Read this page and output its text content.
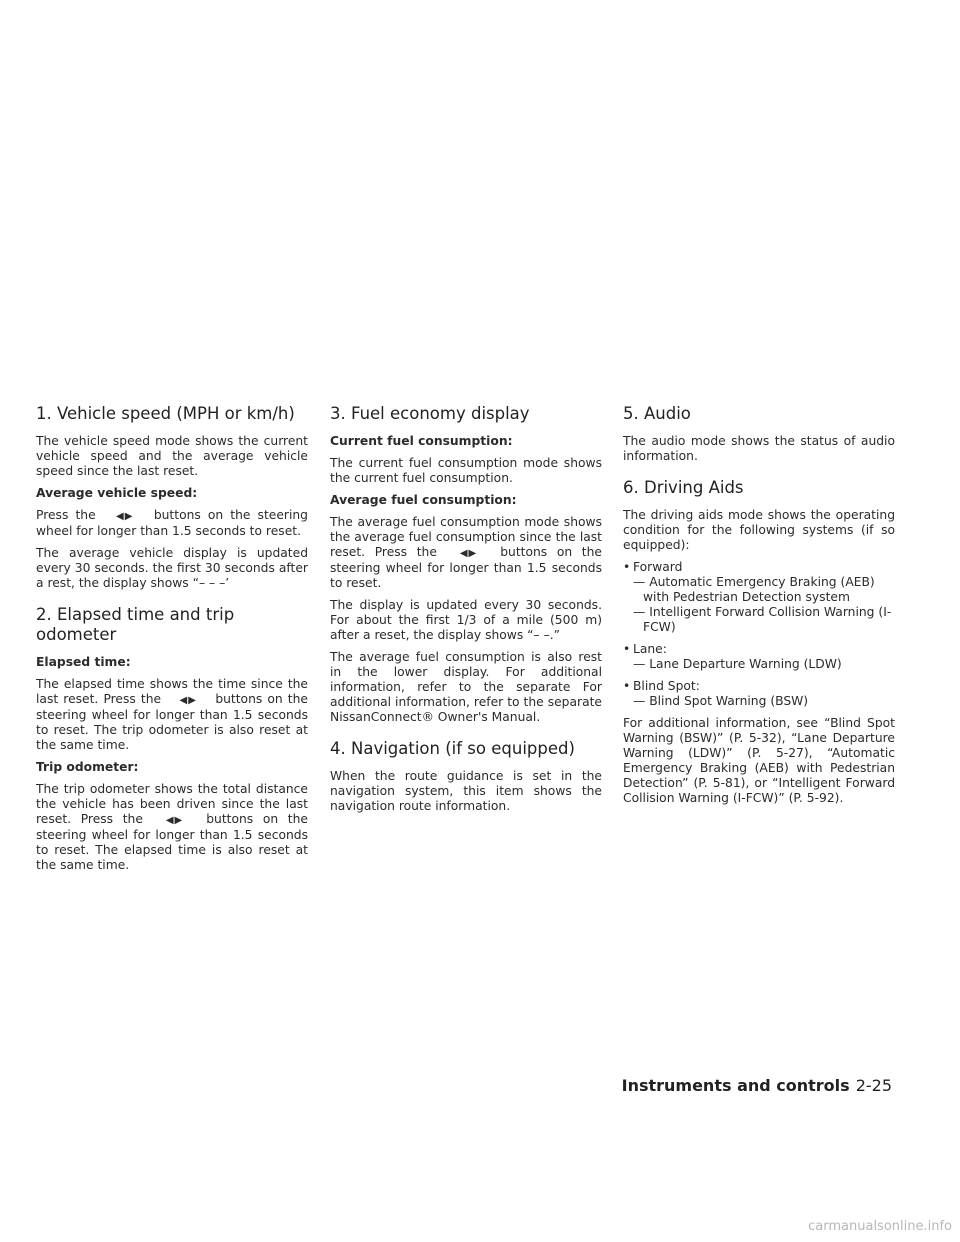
1. Vehicle speed (MPH or km/h)

The vehicle speed mode shows the current vehicle speed and the average vehicle speed since the last reset.

Average vehicle speed:

Press the ◀▶ buttons on the steering wheel for longer than 1.5 seconds to reset.

The average vehicle display is updated every 30 seconds. the first 30 seconds after a rest, the display shows “– – –’

2. Elapsed time and trip odometer
Elapsed time:

The elapsed time shows the time since the last reset. Press the ◀▶ buttons on the steering wheel for longer than 1.5 seconds to reset. The trip odometer is also reset at the same time.

Trip odometer:

The trip odometer shows the total distance the vehicle has been driven since the last reset. Press the ◀▶ buttons on the steering wheel for longer than 1.5 seconds to reset. The elapsed time is also reset at the same time.

3. Fuel economy display
Current fuel consumption:

The current fuel consumption mode shows the current fuel consumption.

Average fuel consumption:

The average fuel consumption mode shows the average fuel consumption since the last reset. Press the ◀▶ buttons on the steering wheel for longer than 1.5 seconds to reset.

The display is updated every 30 seconds. For about the first 1/3 of a mile (500 m) after a reset, the display shows “– –.”

The average fuel consumption is also rest in the lower display. For additional information, refer to the separate For additional information, refer to the separate NissanConnect® Owner's Manual.

4. Navigation (if so equipped)

When the route guidance is set in the navigation system, this item shows the navigation route information.

5. Audio

The audio mode shows the status of audio information.

6. Driving Aids

The driving aids mode shows the operating condition for the following systems (if so equipped):

• Forward
— Automatic Emergency Braking (AEB) with Pedestrian Detection system
— Intelligent Forward Collision Warning (I-FCW)
• Lane:
— Lane Departure Warning (LDW)
• Blind Spot:
— Blind Spot Warning (BSW)

For additional information, see “Blind Spot Warning (BSW)” (P. 5-32), “Lane Departure Warning (LDW)” (P. 5-27), “Automatic Emergency Braking (AEB) with Pedestrian Detection” (P. 5-81), or “Intelligent Forward Collision Warning (I-FCW)” (P. 5-92).

Instruments and controls 2-25
carmanualsonline.info
